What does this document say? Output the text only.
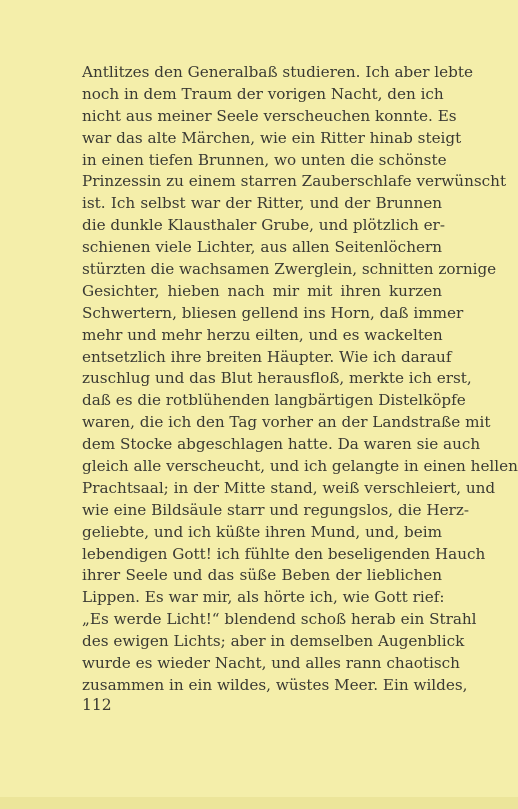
Antlitzes den Generalbaß studieren. Ich aber lebte
noch in dem Traum der vorigen Nacht, den ich
nicht aus meiner Seele verscheuchen konnte. Es
war das alte Märchen, wie ein Ritter hinab steigt
in einen tiefen Brunnen, wo unten die schönste
Prinzessin zu einem starren Zauberschlafe verwünscht
ist. Ich selbst war der Ritter, und der Brunnen
die dunkle Klausthaler Grube, und plötzlich er-
schienen viele Lichter, aus allen Seitenlöchern
stürzten die wachsamen Zwerglein, schnitten zornige
Gesichter, hieben nach mir mit ihren kurzen
Schwertern, bliesen gellend ins Horn, daß immer
mehr und mehr herzu eilten, und es wackelten
entsetzlich ihre breiten Häupter. Wie ich darauf
zuschlug und das Blut herausfloß, merkte ich erst,
daß es die rotblühenden langbärtigen Distelköpfe
waren, die ich den Tag vorher an der Landstraße mit
dem Stocke abgeschlagen hatte. Da waren sie auch
gleich alle verscheucht, und ich gelangte in einen hellen
Prachtsaal; in der Mitte stand, weiß verschleiert, und
wie eine Bildsäule starr und regungslos, die Herz-
geliebte, und ich küßte ihren Mund, und, beim
lebendigen Gott! ich fühlte den beseligenden Hauch
ihrer Seele und das süße Beben der lieblichen
Lippen. Es war mir, als hörte ich, wie Gott rief:
„Es werde Licht!“ blendend schoß herab ein Strahl
des ewigen Lichts; aber in demselben Augenblick
wurde es wieder Nacht, und alles rann chaotisch
zusammen in ein wildes, wüstes Meer. Ein wildes,
112
